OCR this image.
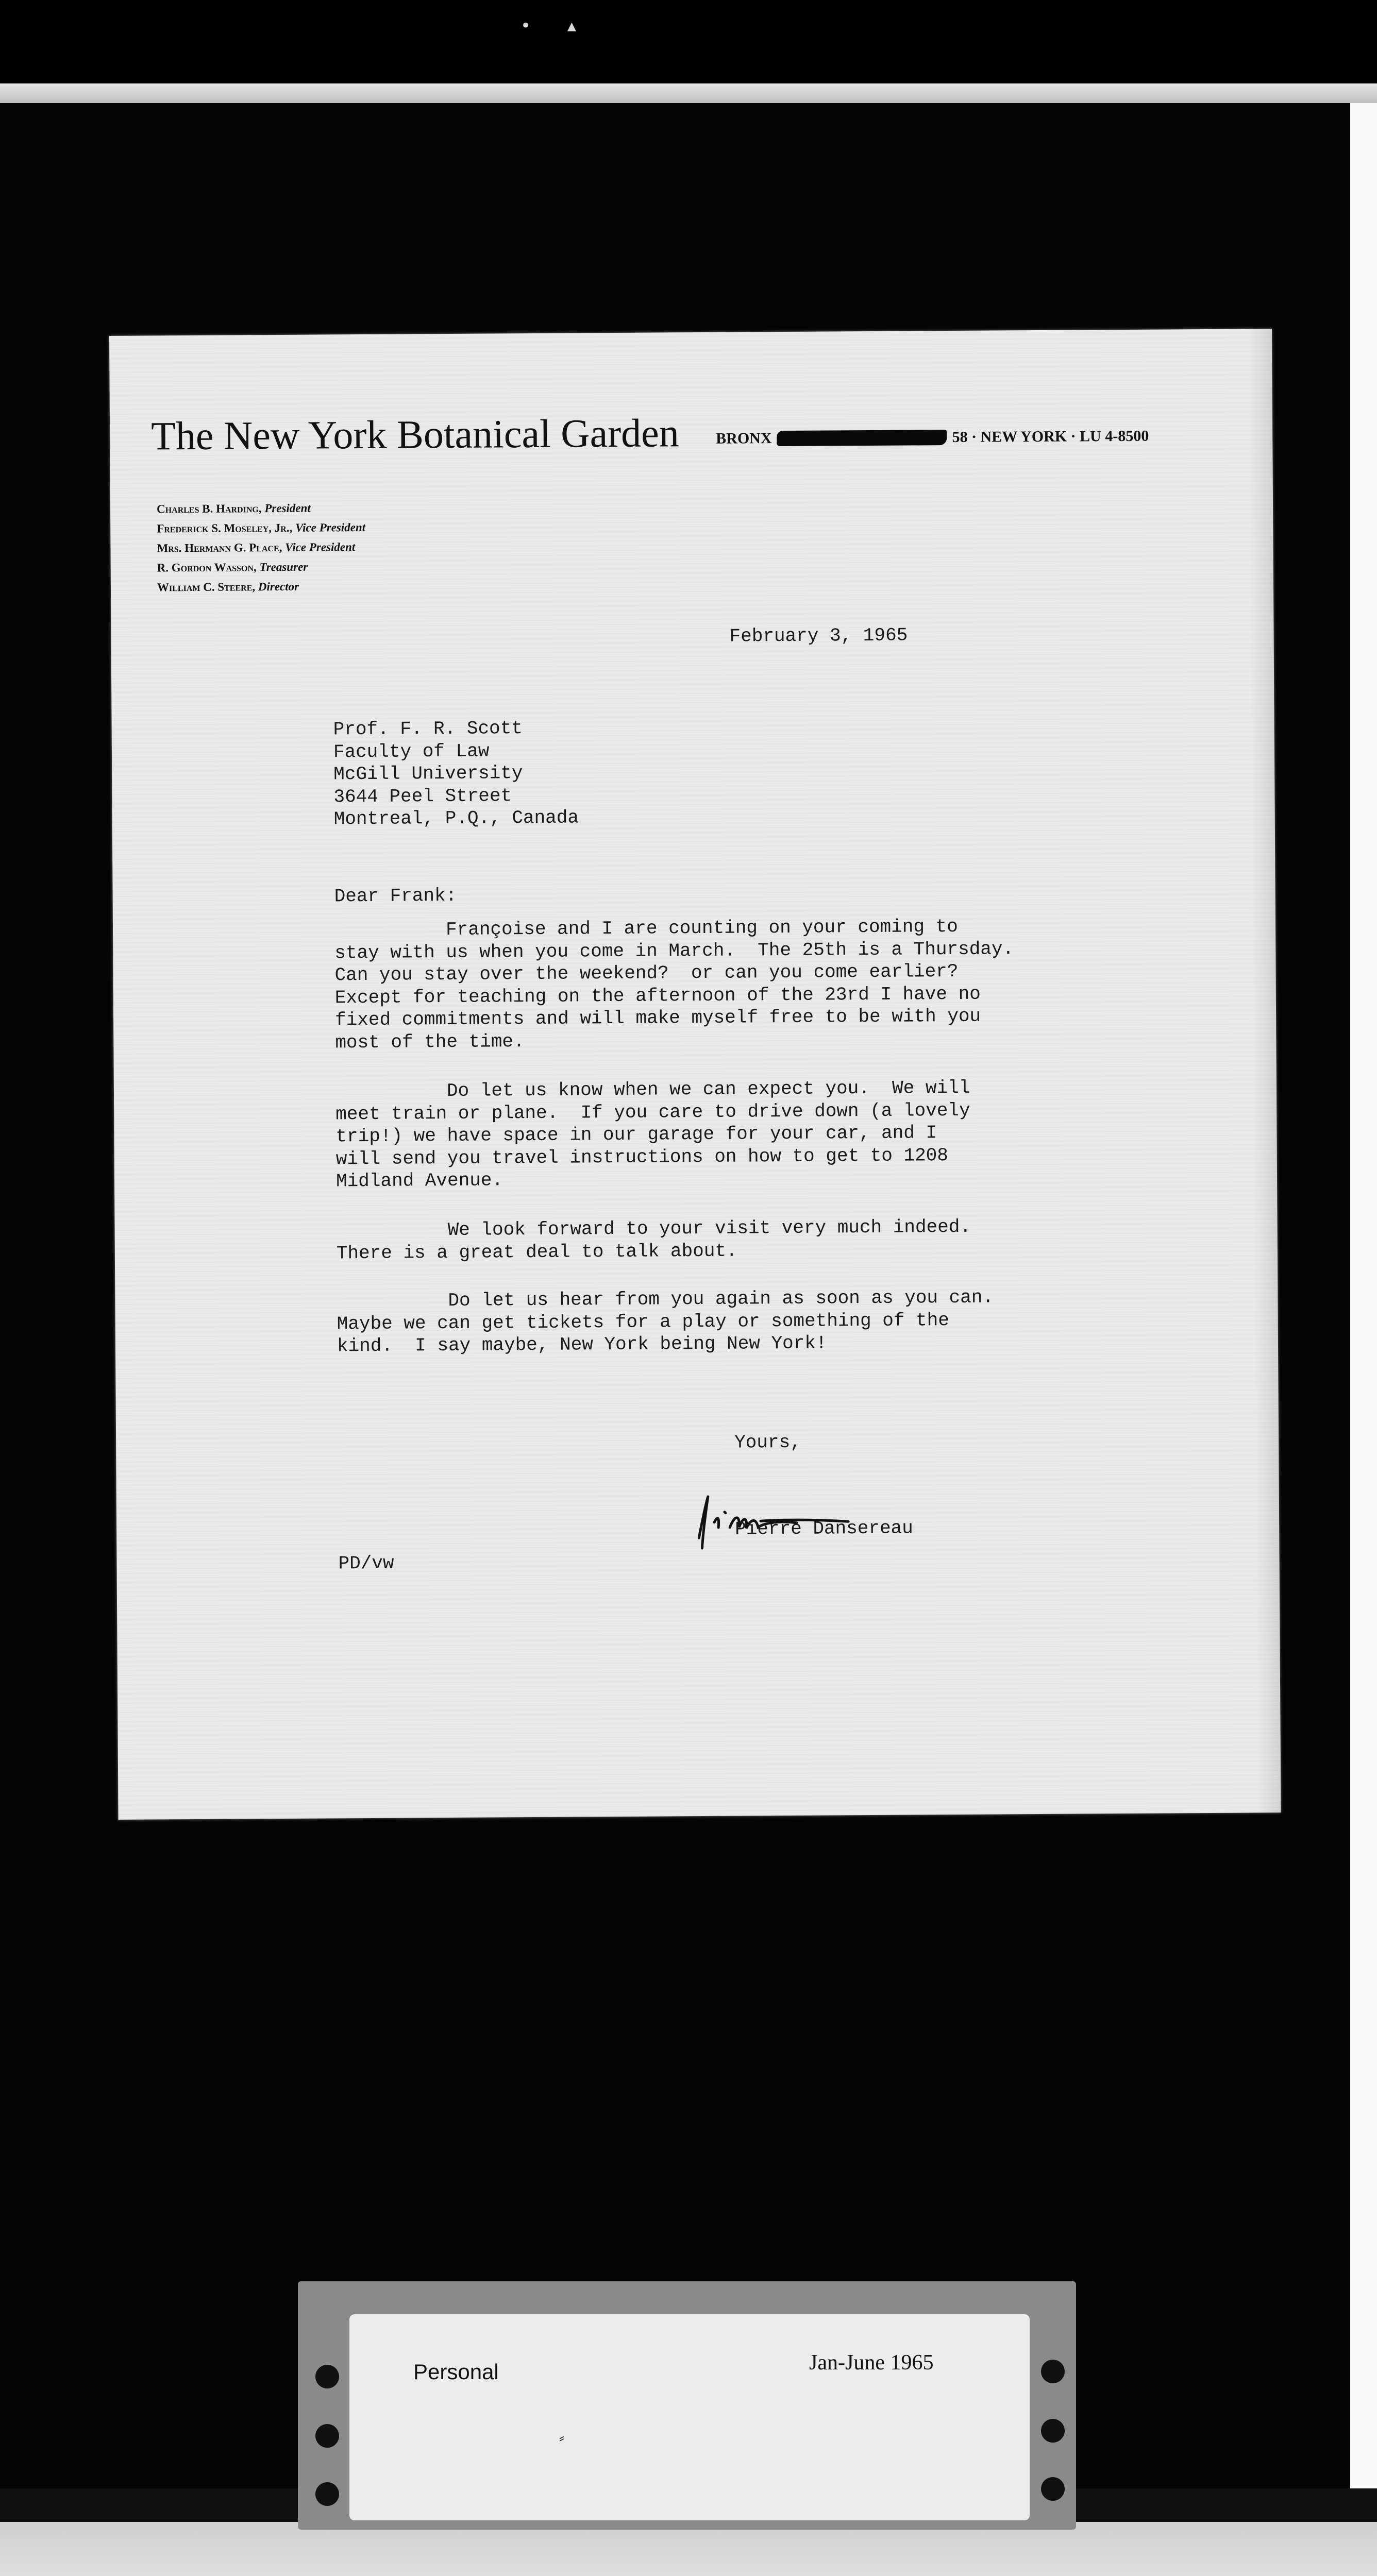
• ▴
The New York Botanical Garden BRONX	58 · NEW YORK · LU 4-8500
Charles B. Harding, President
Frederick S. Moseley, Jr., Vice President
Mrs. Hermann G. Place, Vice President
R. Gordon Wasson, Treasurer
William C. Steere, Director
February 3, 1965
Prof. F. R. Scott
Faculty of Law
McGill University
3644 Peel Street
Montreal, P.Q., Canada
Dear Frank:
Françoise and I are counting on your coming to
stay with us when you come in March.  The 25th is a Thursday.
Can you stay over the weekend?  or can you come earlier?
Except for teaching on the afternoon of the 23rd I have no
fixed commitments and will make myself free to be with you
most of the time.
Do let us know when we can expect you.  We will
meet train or plane.  If you care to drive down (a lovely
trip!) we have space in our garage for your car, and I
will send you travel instructions on how to get to 1208
Midland Avenue.
We look forward to your visit very much indeed.
There is a great deal to talk about.
Do let us hear from you again as soon as you can.
Maybe we can get tickets for a play or something of the
kind.  I say maybe, New York being New York!
Yours,
Pierre Dansereau
PD/vw
Personal	Jan-June 1965
⸗
